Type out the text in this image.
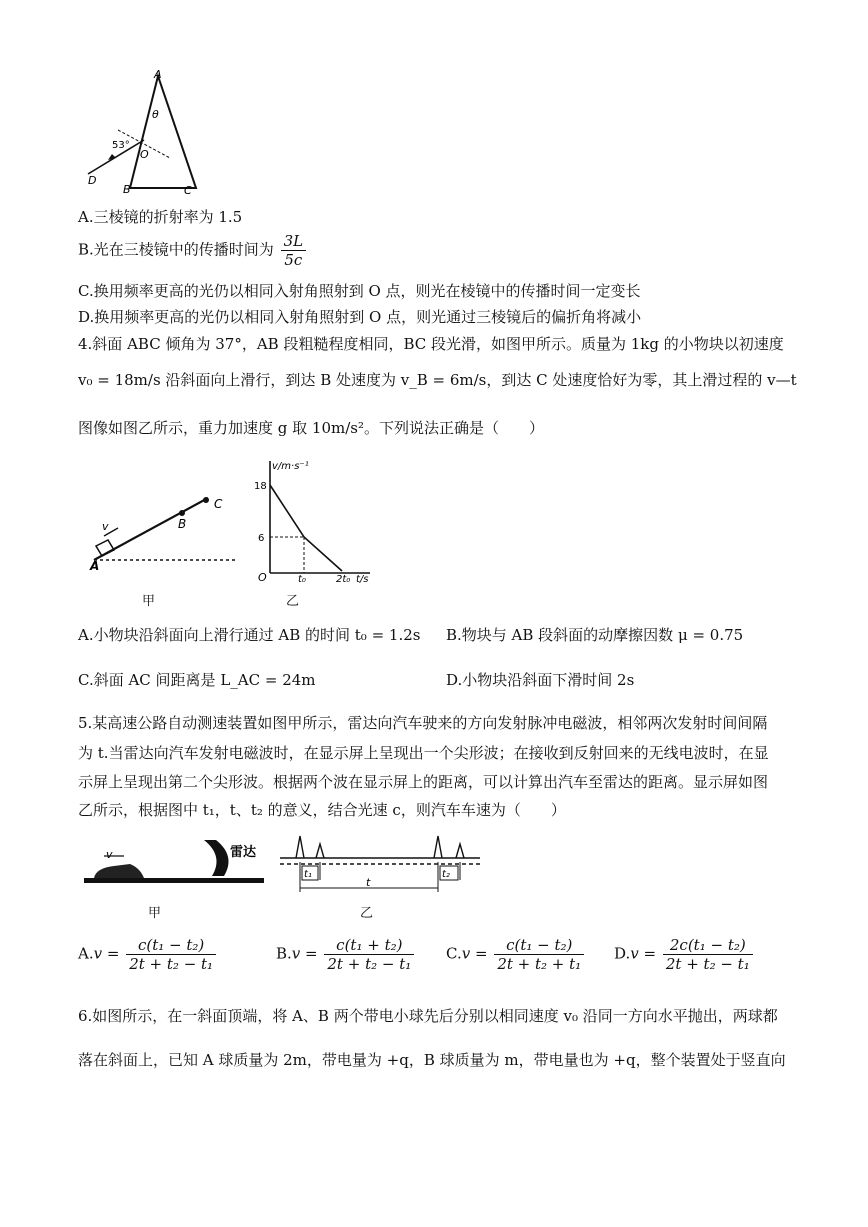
A
B	C
D
O
θ
53°
A.三棱镜的折射率为 1.5
B.光在三棱镜中的传播时间为 $\frac{3L}{5c}$
C.换用频率更高的光仍以相同入射角照射到 O 点，则光在棱镜中的传播时间一定变长
D.换用频率更高的光仍以相同入射角照射到 O 点，则光通过三棱镜后的偏折角将减小
4.斜面 ABC 倾角为 37°，AB 段粗糙程度相同，BC 段光滑，如图甲所示。质量为 1kg 的小物块以初速度
v₀ = 18m/s 沿斜面向上滑行，到达 B 处速度为 v_B = 6m/s，到达 C 处速度恰好为零，其上滑过程的 v—t
图像如图乙所示，重力加速度 g 取 10m/s²。下列说法正确是（　　）
A
B
C
v
甲
v/m·s⁻¹
18
6
O	t₀	2t₀ t/s
乙
A.小物块沿斜面向上滑行通过 AB 的时间 t₀ = 1.2s B.物块与 AB 段斜面的动摩擦因数 μ = 0.75
C.斜面 AC 间距离是 L_AC = 24m	D.小物块沿斜面下滑时间 2s
5.某高速公路自动测速装置如图甲所示，雷达向汽车驶来的方向发射脉冲电磁波，相邻两次发射时间间隔
为 t.当雷达向汽车发射电磁波时，在显示屏上呈现出一个尖形波；在接收到反射回来的无线电波时，在显
示屏上呈现出第二个尖形波。根据两个波在显示屏上的距离，可以计算出汽车至雷达的距离。显示屏如图
乙所示，根据图中 t₁，t、t₂ 的意义，结合光速 c，则汽车车速为（　　）
v	雷达
甲
t₁
t
t₂
乙
$A.v = \frac{\text{c(t₁ − t₂)}}{\text{2t + t₂ − t₁}}$	$B.v = \frac{\text{c(t₁ + t₂)}}{\text{2t + t₂ − t₁}} C.v = \frac{\text{c(t₁ − t₂)}}{\text{2t + t₂ + t₁}} D.v = \frac{\text{2c(t₁ − t₂)}}{\text{2t + t₂ − t₁}}$
6.如图所示，在一斜面顶端，将 A、B 两个带电小球先后分别以相同速度 v₀ 沿同一方向水平抛出，两球都
落在斜面上，已知 A 球质量为 2m，带电量为 +q，B 球质量为 m，带电量也为 +q，整个装置处于竖直向
